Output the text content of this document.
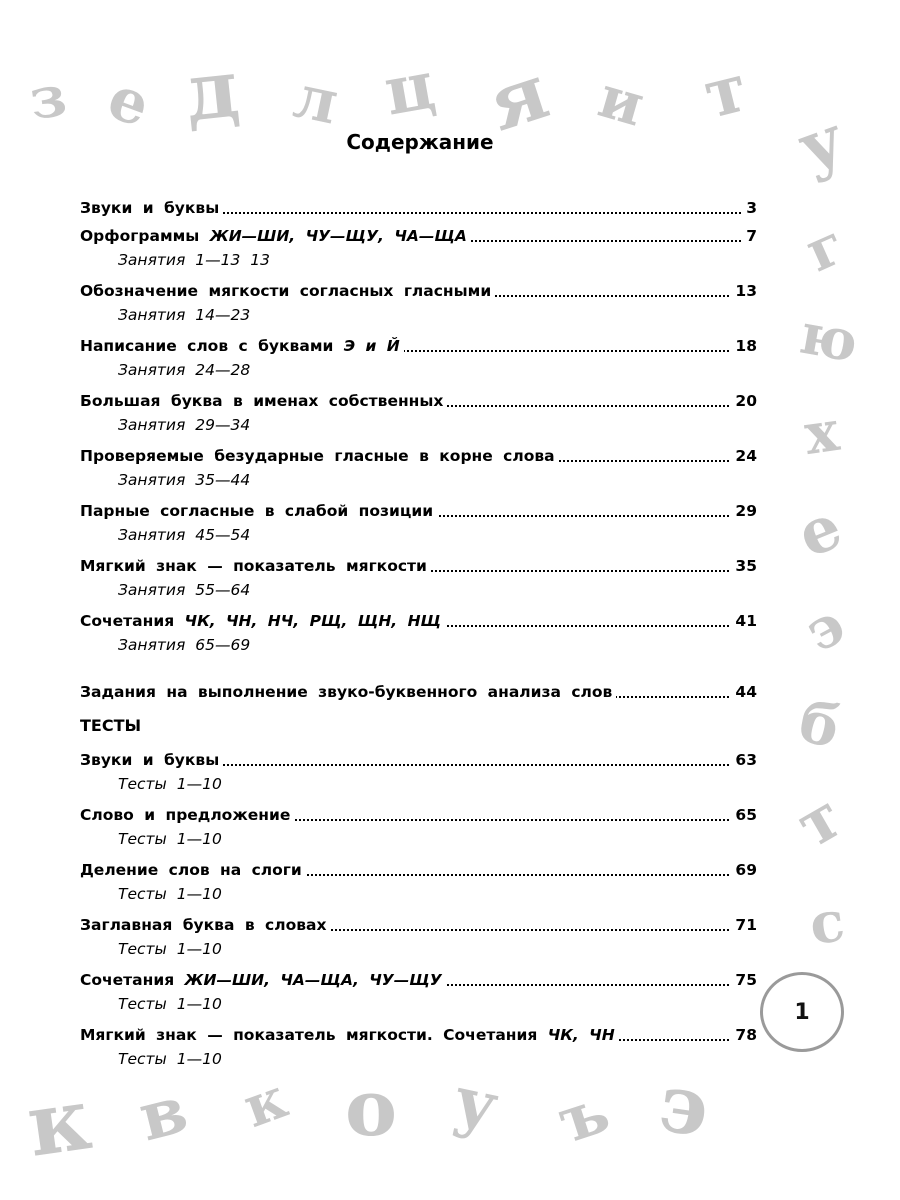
з е д л ц я и т
у
г
ю
х
е
э
б
т
с
к в к о у ъ э
Содержание
Звуки и буквы	3
Орфограммы ЖИ—ШИ, ЧУ—ЩУ, ЧА—ЩА	7
Занятия 1—13 13
Обозначение мягкости согласных гласными	13
Занятия 14—23
Написание слов с буквами Э и Й	18
Занятия 24—28
Большая буква в именах собственных	20
Занятия 29—34
Проверяемые безударные гласные в корне слова	24
Занятия 35—44
Парные согласные в слабой позиции	29
Занятия 45—54
Мягкий знак — показатель мягкости	35
Занятия 55—64
Сочетания ЧК, ЧН, НЧ, РЩ, ЩН, НЩ	41
Занятия 65—69
Задания на выполнение звуко-буквенного анализа слов	44
ТЕСТЫ
Звуки и буквы	63
Тесты 1—10
Слово и предложение	65
Тесты 1—10
Деление слов на слоги	69
Тесты 1—10
Заглавная буква в словах	71
Тесты 1—10
Сочетания ЖИ—ШИ, ЧА—ЩА, ЧУ—ЩУ	75
Тесты 1—10
Мягкий знак — показатель мягкости. Сочетания ЧК, ЧН	78
Тесты 1—10
1
